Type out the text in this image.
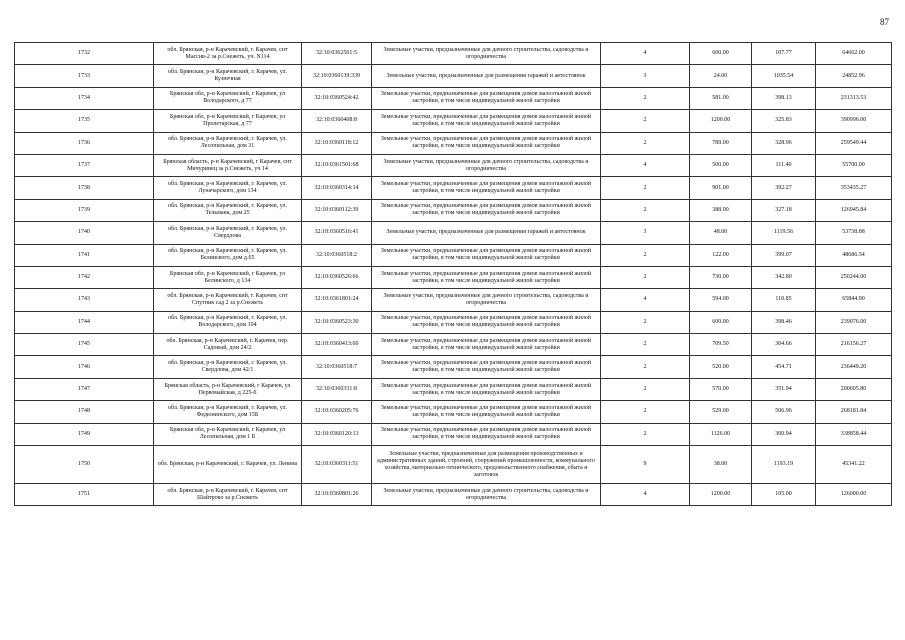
87
1732	обл. Брянская, р-н Карачевский, г. Карачев, снт Массив-2 за р.Снежеть, уч. N114	32:10:0362501:5	Земельные участки, предназначенные для дачного строительства, садоводства и огородничества	4	600.00	107.77	64662.00
1733	обл. Брянская, р-н Карачевский, г. Карачев, ул. Кузнечная	32:10:0360139:339	Земельные участки, предназначенные для размещения гаражей и автостоянок	3	24.00	1035.54	24852.96
1734	Брянская обл, р-н Карачевский, г Карачев, ул Володарского, д 77	32:10:0360524:42	Земельные участки, предназначенные для размещения домов малоэтажной жилой застройки, в том числе индивидуальной жилой застройки	2	581.00	398.13	231313.53
1735	Брянская обл, р-н Карачевский, г Карачев, ул Пролетарская, д 77	32:10:0360408:8	Земельные участки, предназначенные для размещения домов малоэтажной жилой застройки, в том числе индивидуальной жилой застройки	2	1200.00	325.83	390996.00
1736	обл. Брянская, р-н Карачевский, г. Карачев, ул. Лесопильная, дом 31	32:10:0360118:12	Земельные участки, предназначенные для размещения домов малоэтажной жилой застройки, в том числе индивидуальной жилой застройки	2	789.00	328.96	259549.44
1737	Брянская область, р-н Карачевский, г Карачев, снт Мичуринец за р.Снежеть, уч 14	32:10:0361501:68	Земельные участки, предназначенные для дачного строительства, садоводства и огородничества	4	500.00	111.40	55700.00
1738	обл. Брянская, р-н Карачевский, г. Карачев, ул. Луначарского, дом 134	32:10:0360314:14	Земельные участки, предназначенные для размещения домов малоэтажной жилой застройки, в том числе индивидуальной жилой застройки	2	901.00	392.27	353435.27
1739	обл. Брянская, р-н Карачевский, г. Карачев, ул. Тельмана, дом 25	32:10:0360112:39	Земельные участки, предназначенные для размещения домов малоэтажной жилой застройки, в том числе индивидуальной жилой застройки	2	388.00	327.18	126945.84
1740	обл. Брянская, р-н Карачевский, г. Карачев, ул. Свердлова	32:10:0360516:41	Земельные участки, предназначенные для размещения гаражей и автостоянок	3	48.00	1119.56	53738.88
1741	обл. Брянская, р-н Карачевский, г. Карачев, ул. Белинского, дом д.65	32:10:0360518:2	Земельные участки, предназначенные для размещения домов малоэтажной жилой застройки, в том числе индивидуальной жилой застройки	2	122.00	399.07	48686.54
1742	Брянская обл, р-н Карачевский, г Карачев, ул Белинского, д 134	32:10:0360526:66	Земельные участки, предназначенные для размещения домов малоэтажной жилой застройки, в том числе индивидуальной жилой застройки	2	730.00	342.80	250244.00
1743	обл. Брянская, р-н Карачевский, г. Карачев, снт Спутник сад 2 за р.Снежеть	32:10:0361801:24	Земельные участки, предназначенные для дачного строительства, садоводства и огородничества	4	594.00	110.85	65844.90
1744	обл. Брянская, р-н Карачевский, г. Карачев, ул. Володарского, дом 104	32:10:0360523:30	Земельные участки, предназначенные для размещения домов малоэтажной жилой застройки, в том числе индивидуальной жилой застройки	2	600.00	398.46	239076.00
1745	обл. Брянская, р-н Карачевский, г. Карачев, пер. Садовый, дом 24/2	32:10:0360413:60	Земельные участки, предназначенные для размещения домов малоэтажной жилой застройки, в том числе индивидуальной жилой застройки	2	709.50	304.66	216156.27
1746	обл. Брянская, р-н Карачевский, г. Карачев, ул. Свердлова, дом 42/1	32:10:0360518:7	Земельные участки, предназначенные для размещения домов малоэтажной жилой застройки, в том числе индивидуальной жилой застройки	2	520.00	454.71	236449.20
1747	Брянская область, р-н Карачевский, г Карачев, ул Первомайская, д 225-б	32:10:0360331:8	Земельные участки, предназначенные для размещения домов малоэтажной жилой застройки, в том числе индивидуальной жилой застройки	2	570.00	351.94	200605.80
1748	обл. Брянская, р-н Карачевский, г. Карачев, ул. Федюнинского, дом 15Б	32:10:0360205:76	Земельные участки, предназначенные для размещения домов малоэтажной жилой застройки, в том числе индивидуальной жилой застройки	2	529.00	506.96	268181.84
1749	Брянская обл, р-н Карачевский, г Карачев, ул Лесопильная, дом 1 Б	32:10:0360120:13	Земельные участки, предназначенные для размещения домов малоэтажной жилой застройки, в том числе индивидуальной жилой застройки	2	1126.00	300.94	338858.44
1750	обл. Брянская, р-н Карачевский, г. Карачев, ул. Ленина	32:10:0360311:51	Земельные участки, предназначенные для размещения производственных и административных зданий, строений, сооружений промышленности, коммунального хозяйства, материально-технического, продовольственного снабжения, сбыта и заготовок	9	38.00	1193.19	45341.22
1751	обл. Брянская, р-н Карачевский, г. Карачев, снт Шайтрово за р.Снежеть	32:10:0360801:26	Земельные участки, предназначенные для дачного строительства, садоводства и огородничества	4	1200.00	105.00	126000.00
